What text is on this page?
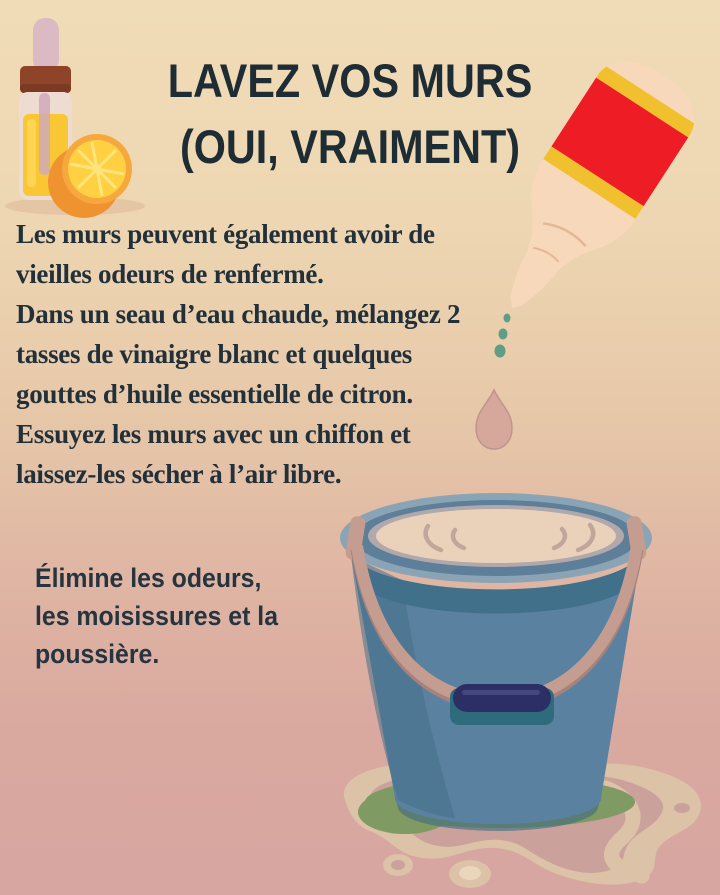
LAVEZ VOS MURS
(OUI, VRAIMENT)
Les murs peuvent également avoir de
vieilles odeurs de renfermé.
Dans un seau d’eau chaude, mélangez 2
tasses de vinaigre blanc et quelques
gouttes d’huile essentielle de citron.
Essuyez les murs avec un chiffon et
laissez-les sécher à l’air libre.
Élimine les odeurs,
les moisissures et la
poussière.
